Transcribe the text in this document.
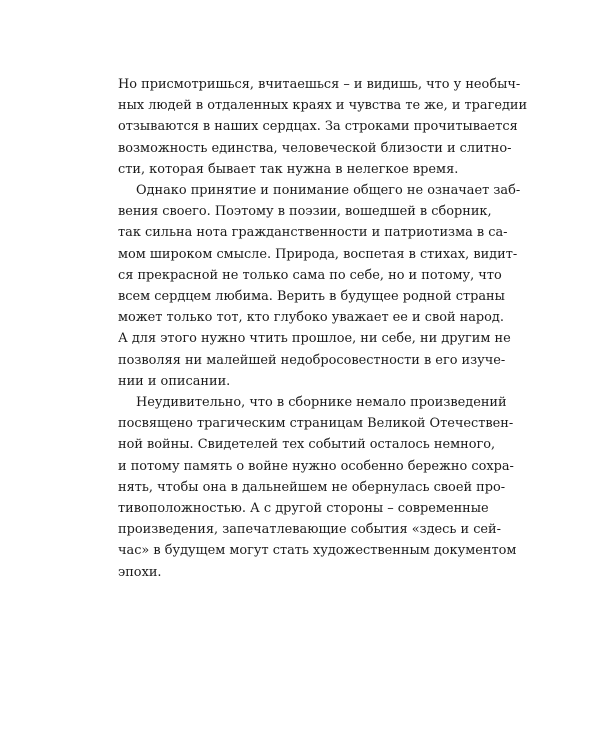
Но присмотришься, вчитаешься – и видишь, что у необыч-
ных людей в отдаленных краях и чувства те же, и трагедии
отзываются в наших сердцах. За строками прочитывается
возможность единства, человеческой близости и слитно-
сти, которая бывает так нужна в нелегкое время.

Однако принятие и понимание общего не означает заб-
вения своего. Поэтому в поэзии, вошедшей в сборник,
так сильна нота гражданственности и патриотизма в са-
мом широком смысле. Природа, воспетая в стихах, видит-
ся прекрасной не только сама по себе, но и потому, что
всем сердцем любима. Верить в будущее родной страны
может только тот, кто глубоко уважает ее и свой народ.
А для этого нужно чтить прошлое, ни себе, ни другим не
позволяя ни малейшей недобросовестности в его изуче-
нии и описании.

Неудивительно, что в сборнике немало произведений
посвящено трагическим страницам Великой Отечествен-
ной войны. Свидетелей тех событий осталось немного,
и потому память о войне нужно особенно бережно сохра-
нять, чтобы она в дальнейшем не обернулась своей про-
тивоположностью. А с другой стороны – современные
произведения, запечатлевающие события «здесь и сей-
час» в будущем могут стать художественным документом
эпохи.
